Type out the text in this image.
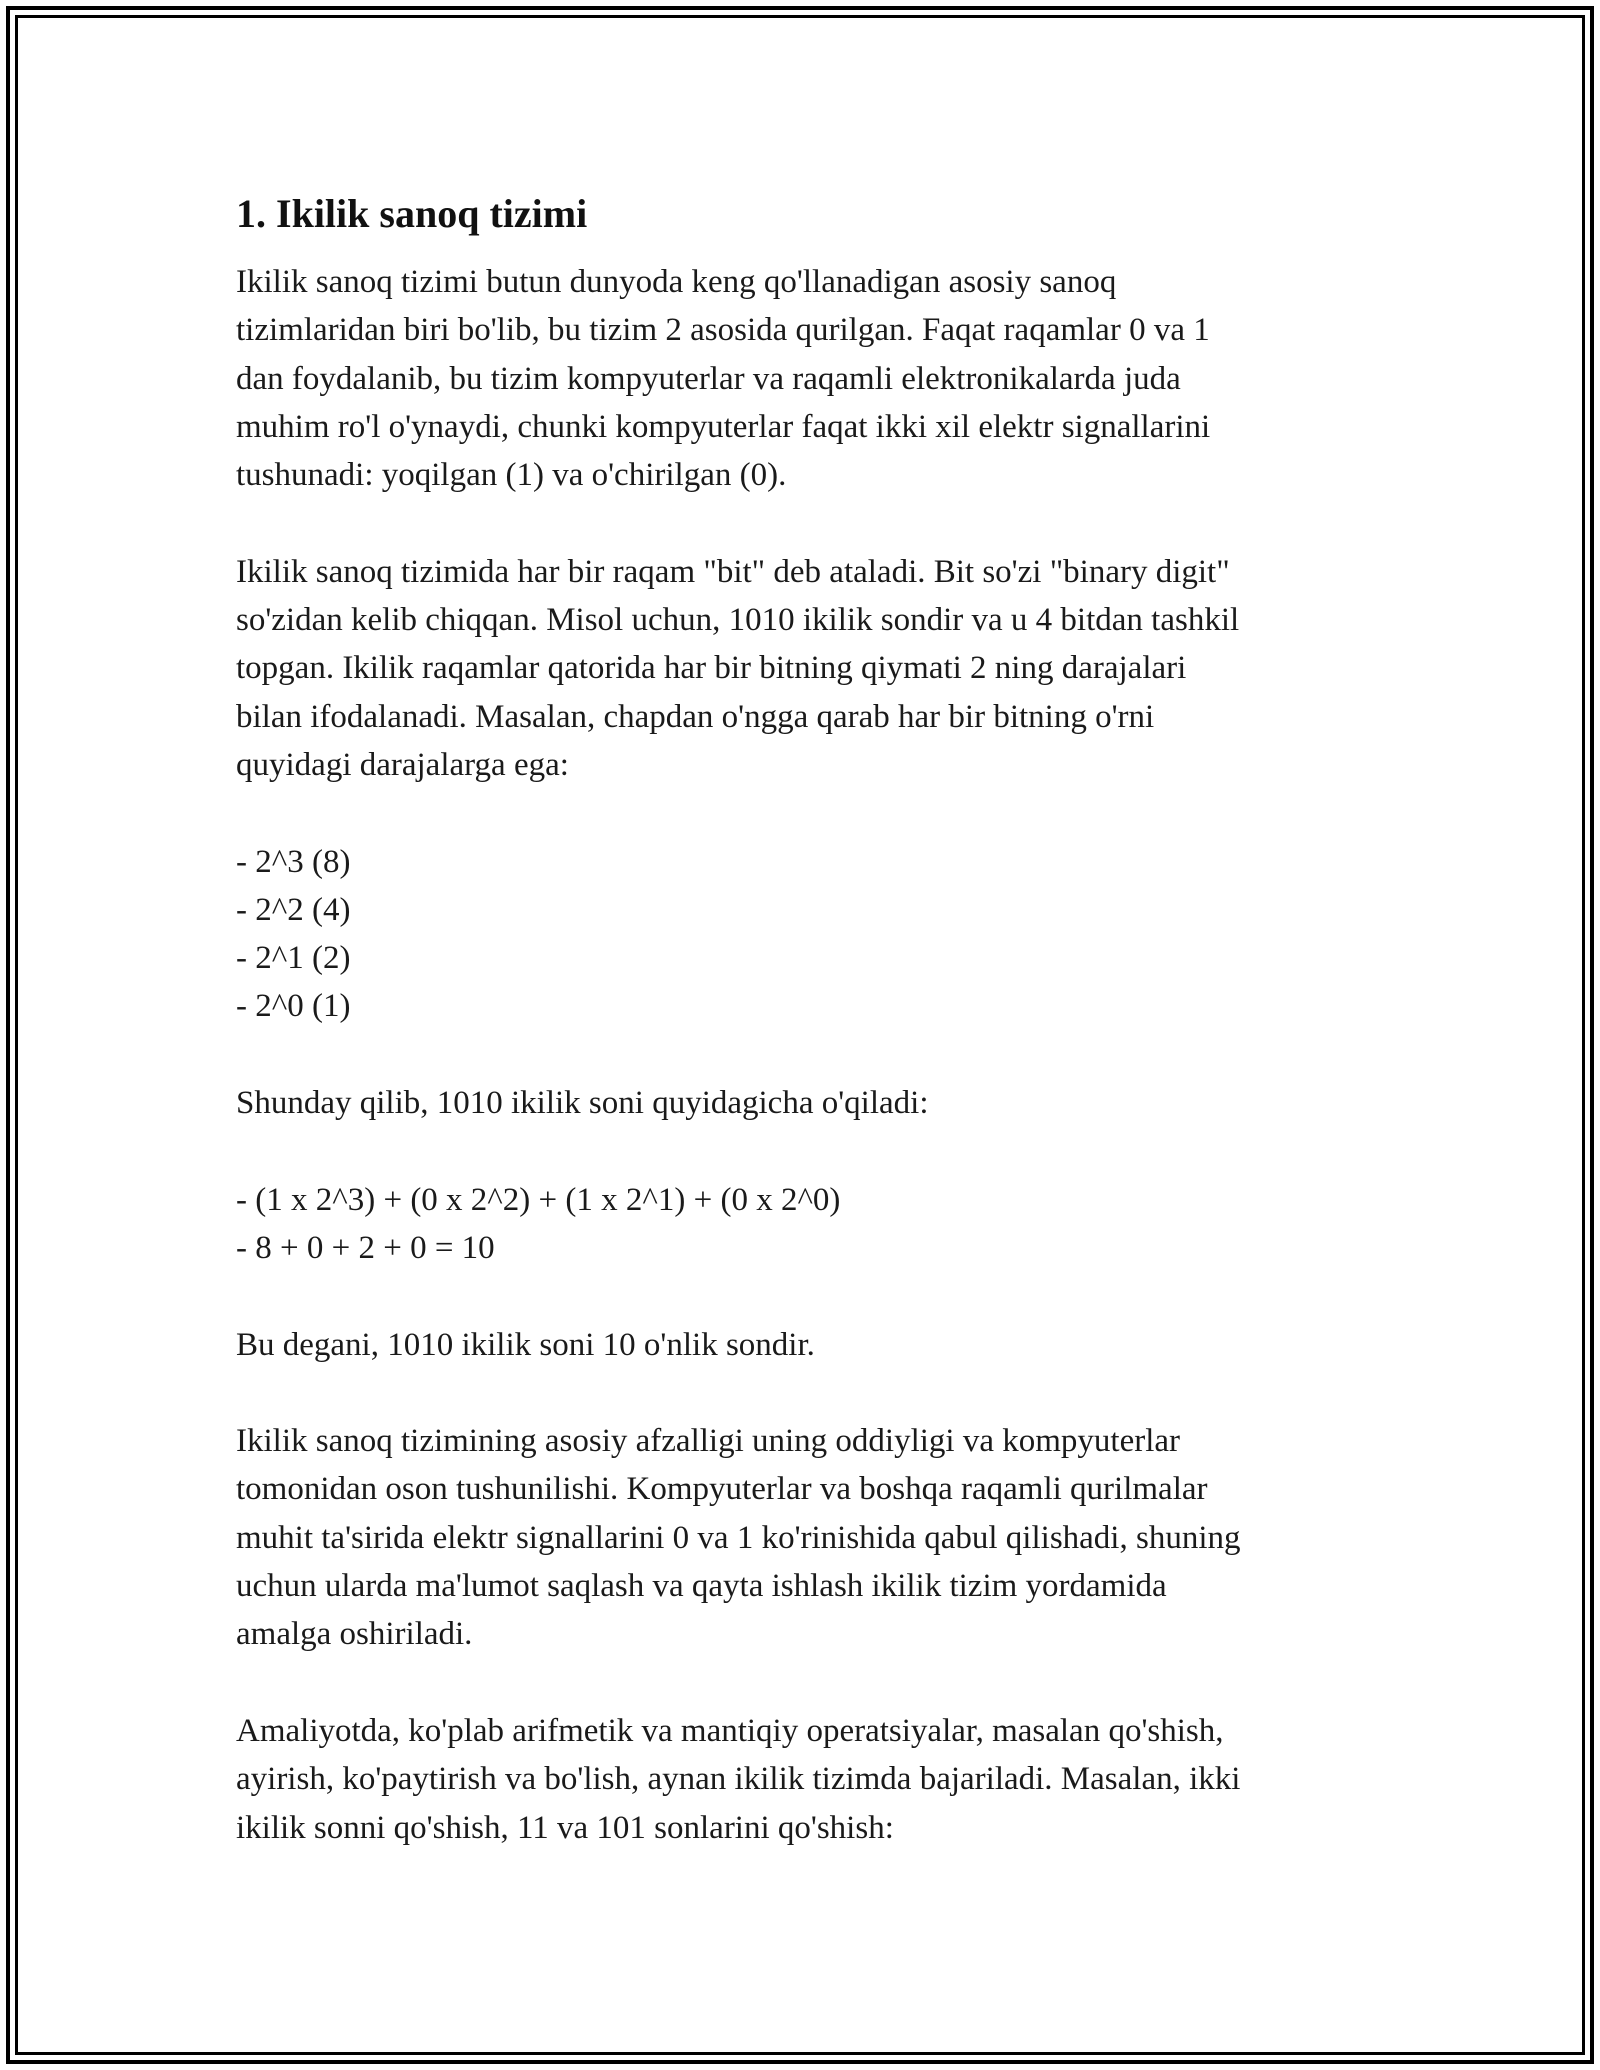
1. Ikilik sanoq tizimi

Ikilik sanoq tizimi butun dunyoda keng qo'llanadigan asosiy sanoq
tizimlaridan biri bo'lib, bu tizim 2 asosida qurilgan. Faqat raqamlar 0 va 1
dan foydalanib, bu tizim kompyuterlar va raqamli elektronikalarda juda
muhim ro'l o'ynaydi, chunki kompyuterlar faqat ikki xil elektr signallarini
tushunadi: yoqilgan (1) va o'chirilgan (0).

Ikilik sanoq tizimida har bir raqam "bit" deb ataladi. Bit so'zi "binary digit"
so'zidan kelib chiqqan. Misol uchun, 1010 ikilik sondir va u 4 bitdan tashkil
topgan. Ikilik raqamlar qatorida har bir bitning qiymati 2 ning darajalari
bilan ifodalanadi. Masalan, chapdan o'ngga qarab har bir bitning o'rni
quyidagi darajalarga ega:

- 2^3 (8)
- 2^2 (4)
- 2^1 (2)
- 2^0 (1)

Shunday qilib, 1010 ikilik soni quyidagicha o'qiladi:

- (1 x 2^3) + (0 x 2^2) + (1 x 2^1) + (0 x 2^0)
- 8 + 0 + 2 + 0 = 10

Bu degani, 1010 ikilik soni 10 o'nlik sondir.

Ikilik sanoq tizimining asosiy afzalligi uning oddiyligi va kompyuterlar
tomonidan oson tushunilishi. Kompyuterlar va boshqa raqamli qurilmalar
muhit ta'sirida elektr signallarini 0 va 1 ko'rinishida qabul qilishadi, shuning
uchun ularda ma'lumot saqlash va qayta ishlash ikilik tizim yordamida
amalga oshiriladi.

Amaliyotda, ko'plab arifmetik va mantiqiy operatsiyalar, masalan qo'shish,
ayirish, ko'paytirish va bo'lish, aynan ikilik tizimda bajariladi. Masalan, ikki
ikilik sonni qo'shish, 11 va 101 sonlarini qo'shish:
